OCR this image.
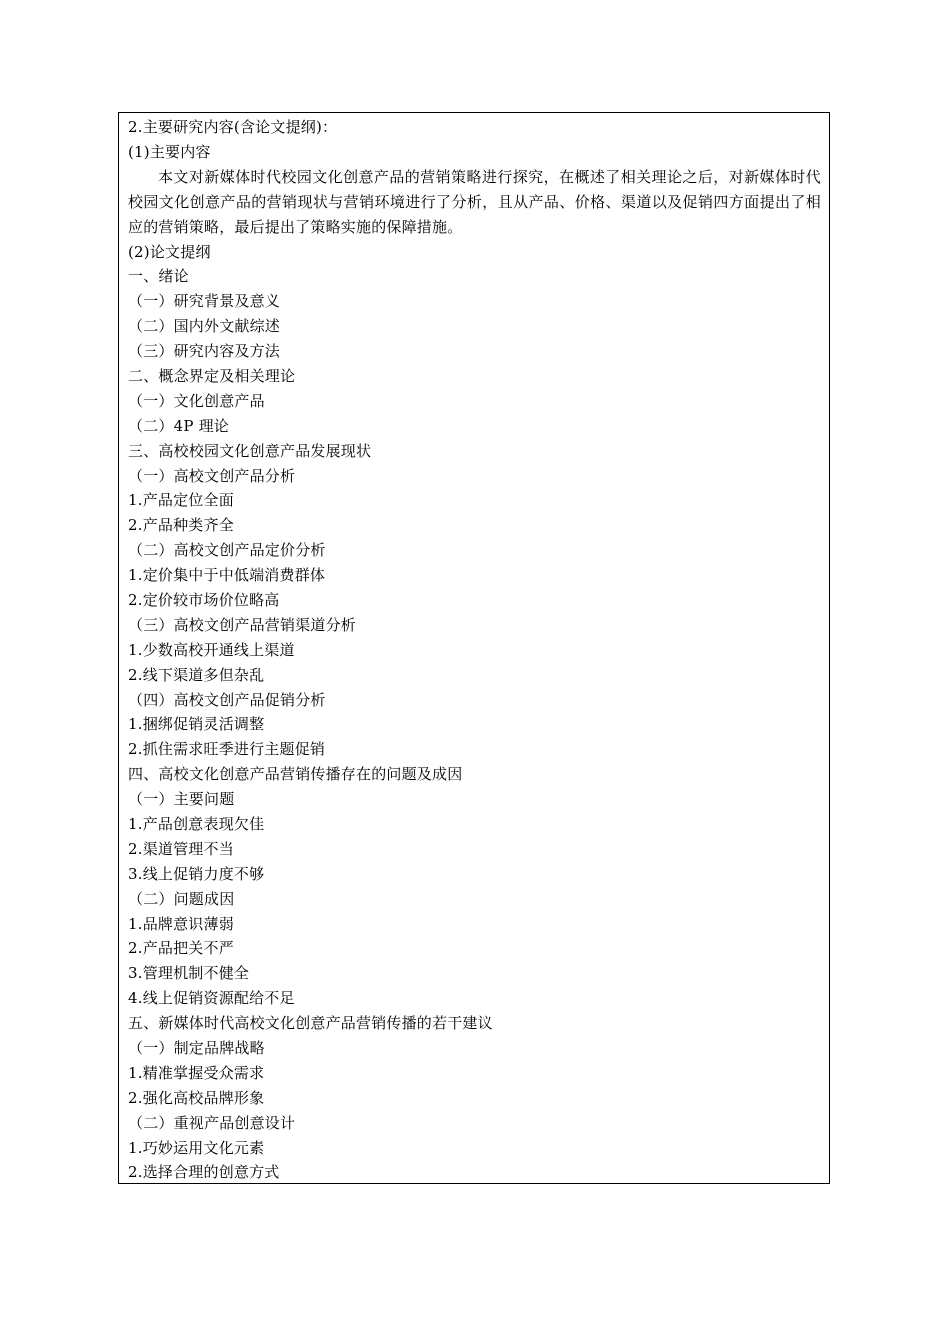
2.主要研究内容(含论文提纲)：
(1)主要内容
本文对新媒体时代校园文化创意产品的营销策略进行探究，在概述了相关理论之后，对新媒体时代校园文化创意产品的营销现状与营销环境进行了分析，且从产品、价格、渠道以及促销四方面提出了相应的营销策略，最后提出了策略实施的保障措施。
(2)论文提纲
一、绪论
（一）研究背景及意义
（二）国内外文献综述
（三）研究内容及方法
二、概念界定及相关理论
（一）文化创意产品
（二）4P 理论
三、高校校园文化创意产品发展现状
（一）高校文创产品分析
1.产品定位全面
2.产品种类齐全
（二）高校文创产品定价分析
1.定价集中于中低端消费群体
2.定价较市场价位略高
（三）高校文创产品营销渠道分析
1.少数高校开通线上渠道
2.线下渠道多但杂乱
（四）高校文创产品促销分析
1.捆绑促销灵活调整
2.抓住需求旺季进行主题促销
四、高校文化创意产品营销传播存在的问题及成因
（一）主要问题
1.产品创意表现欠佳
2.渠道管理不当
3.线上促销力度不够
（二）问题成因
1.品牌意识薄弱
2.产品把关不严
3.管理机制不健全
4.线上促销资源配给不足
五、新媒体时代高校文化创意产品营销传播的若干建议
（一）制定品牌战略
1.精准掌握受众需求
2.强化高校品牌形象
（二）重视产品创意设计
1.巧妙运用文化元素
2.选择合理的创意方式
